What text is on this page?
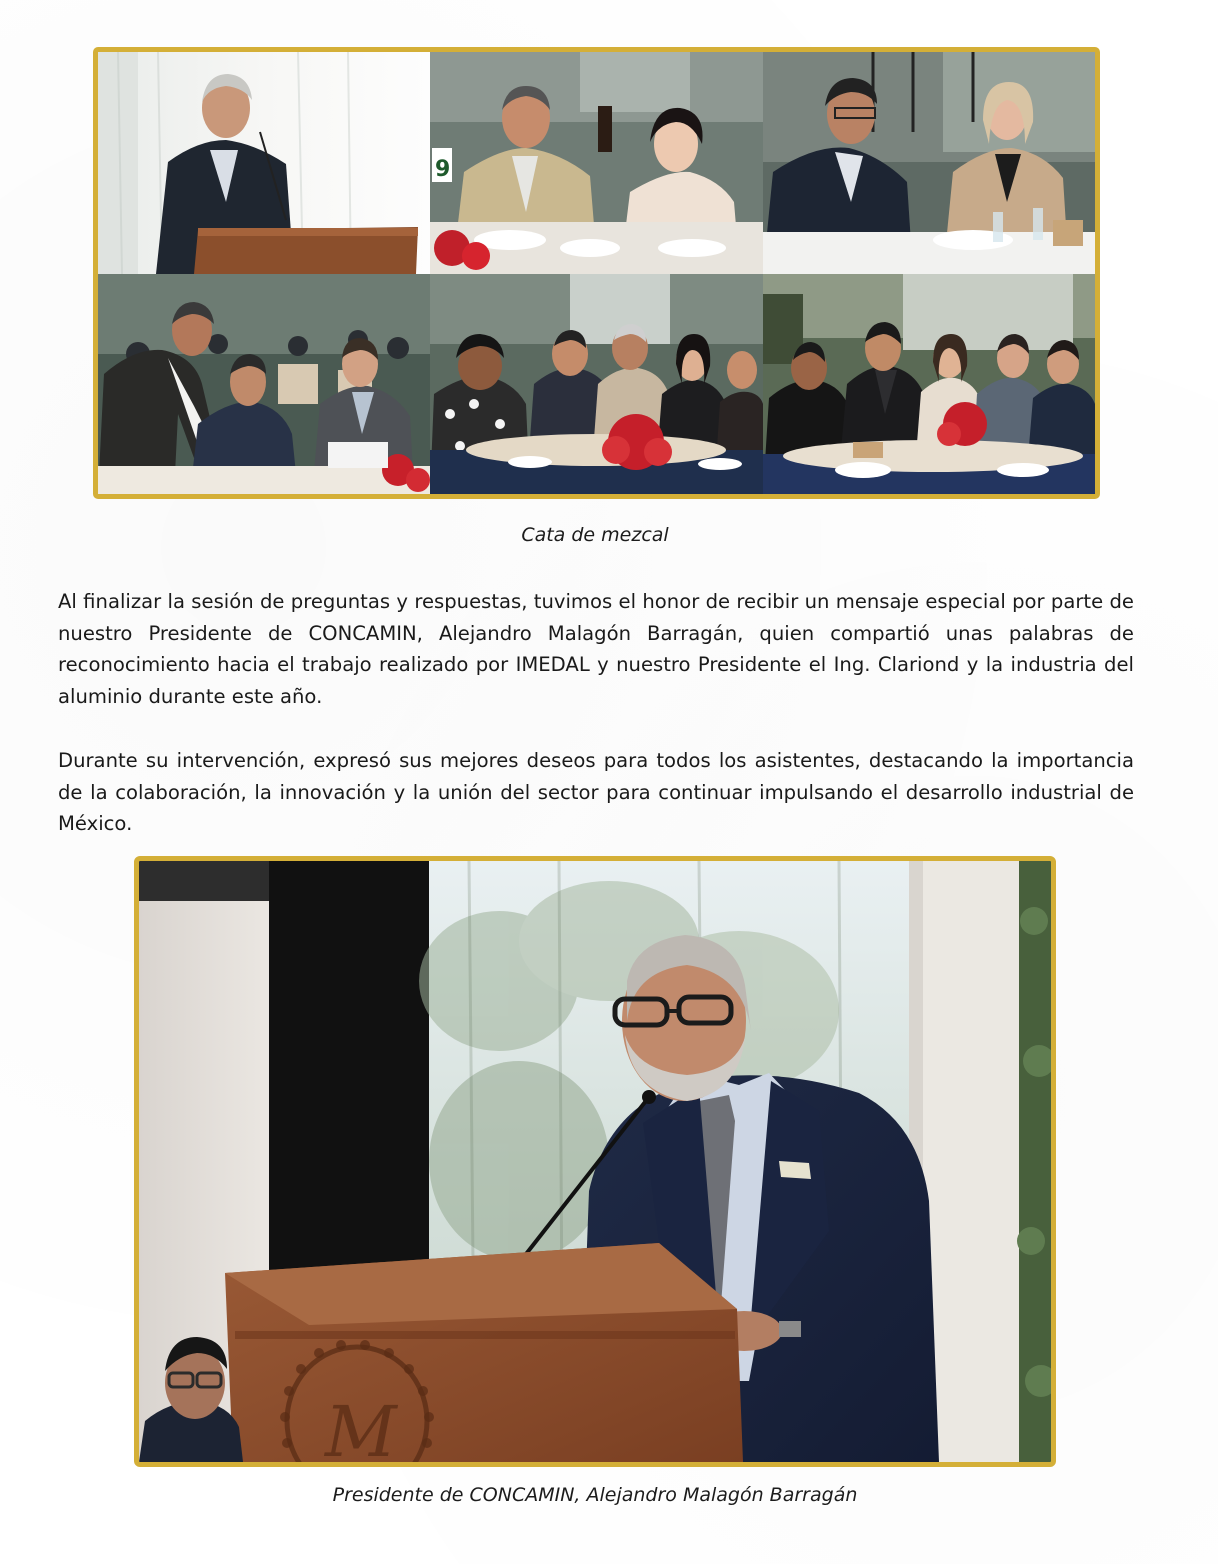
9
Cata de mezcal

Al finalizar la sesión de preguntas y respuestas, tuvimos el honor de recibir un mensaje especial por parte de nuestro Presidente de CONCAMIN, Alejandro Malagón Barragán, quien compartió unas palabras de reconocimiento hacia el trabajo realizado por IMEDAL y nuestro Presidente el Ing. Clariond y la industria del aluminio durante este año.

Durante su intervención, expresó sus mejores deseos para todos los asistentes, destacando la importancia de la colaboración, la innovación y la unión del sector para continuar impulsando el desarrollo industrial de México.

M
Presidente de CONCAMIN, Alejandro Malagón Barragán
